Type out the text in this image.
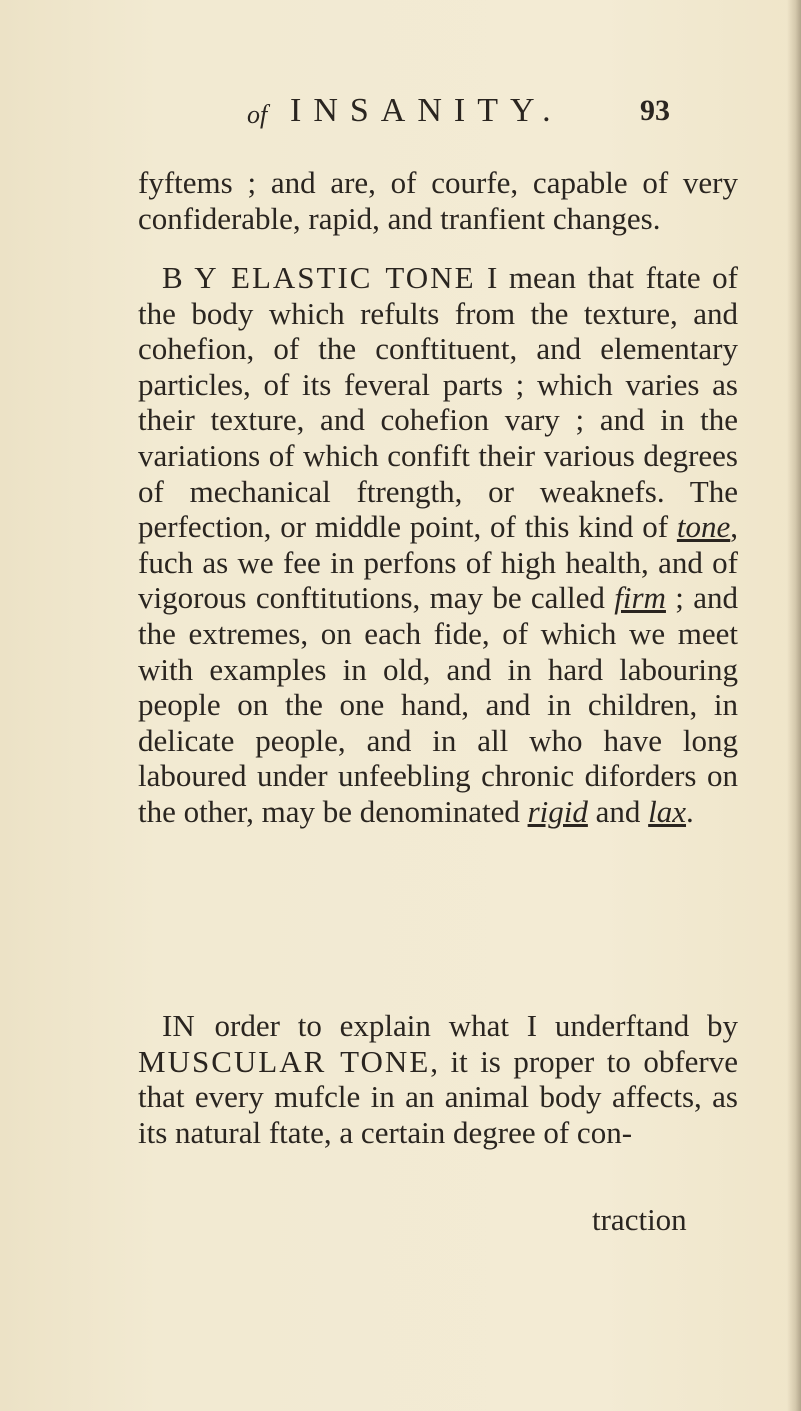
of INSANITY.	93
fyftems ; and are, of courfe, capable of very confiderable, rapid, and tranfient changes.
B Y ELASTIC TONE I mean that ftate of the body which refults from the texture, and cohefion, of the conftituent, and elementary particles, of its feveral parts ; which varies as their texture, and cohefion vary ; and in the variations of which confift their various degrees of mechanical ftrength, or weaknefs. The perfection, or middle point, of this kind of tone, fuch as we fee in perfons of high health, and of vigorous conftitutions, may be called firm ; and the extremes, on each fide, of which we meet with examples in old, and in hard labouring people on the one hand, and in children, in delicate people, and in all who have long laboured under unfeebling chronic diforders on the other, may be denominated rigid and lax.
IN order to explain what I underftand by MUSCULAR TONE, it is proper to obferve that every mufcle in an animal body affects, as its natural ftate, a certain degree of con-
traction
